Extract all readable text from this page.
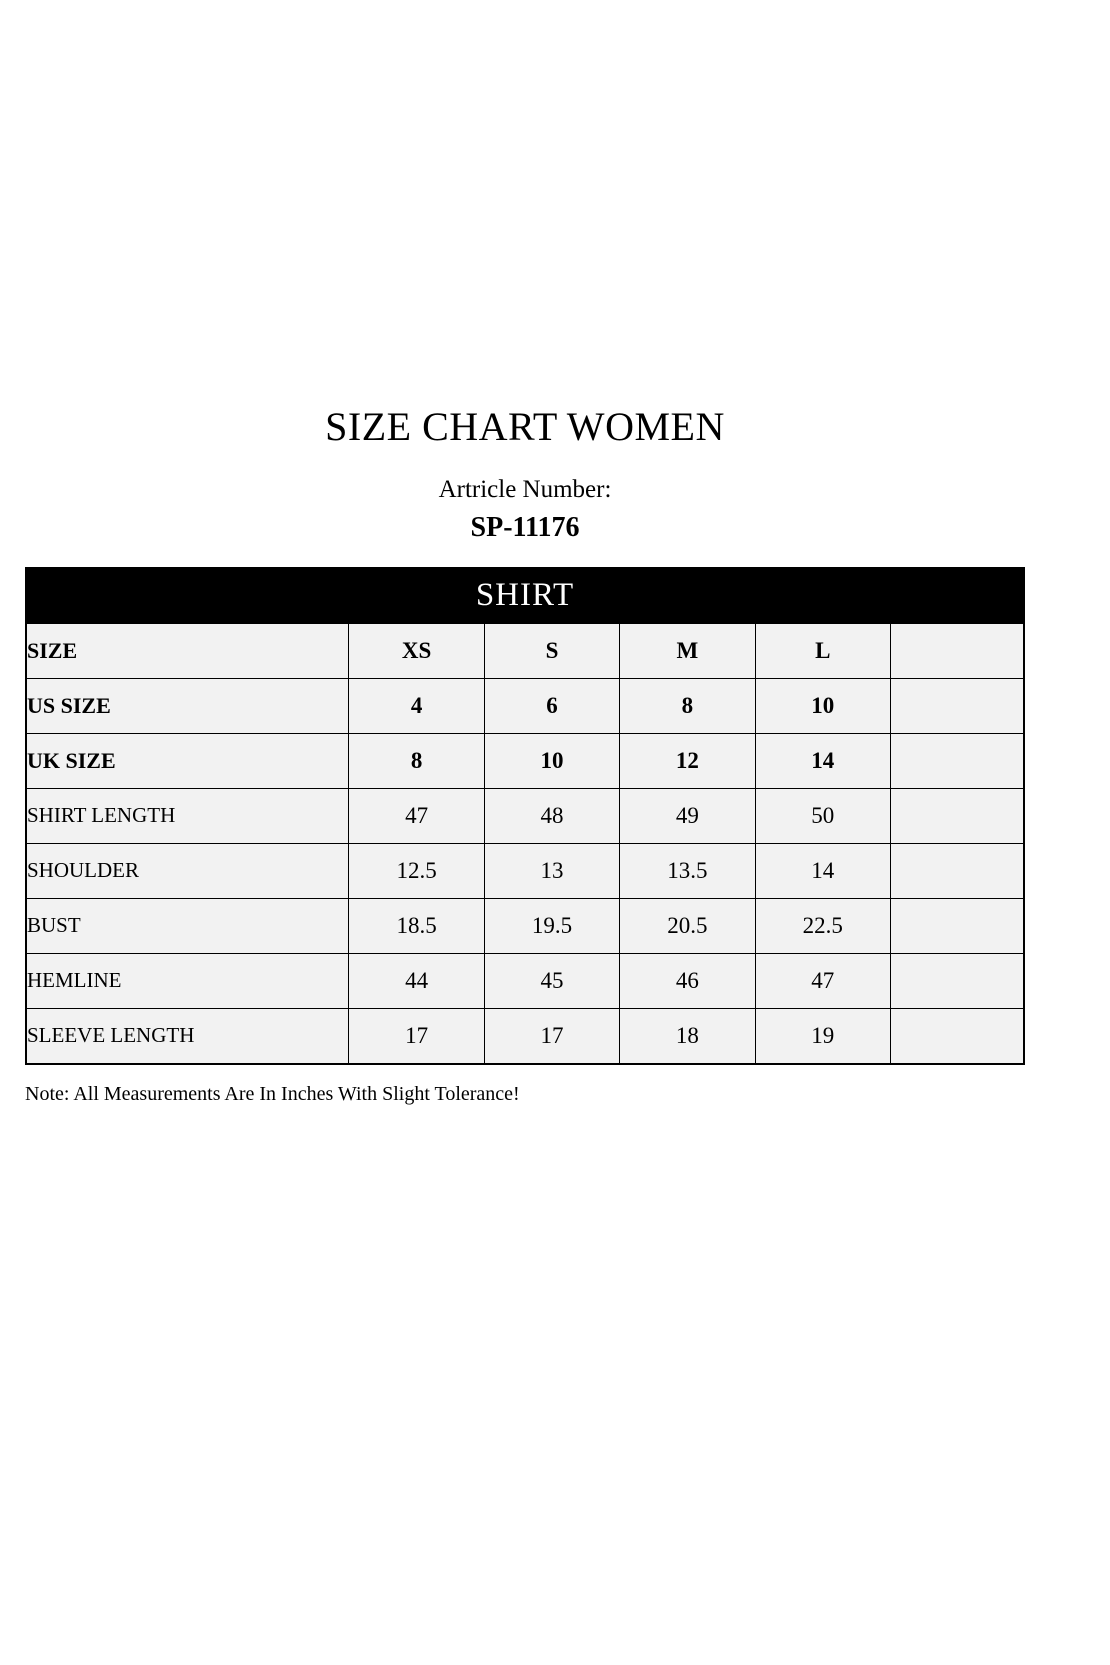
SIZE CHART WOMEN
Artricle Number:
SP-11176
SHIRT					
SIZE	XS	S	M	L	
US SIZE	4	6	8	10	
UK SIZE	8	10	12	14	
SHIRT LENGTH	47	48	49	50	
SHOULDER	12.5	13	13.5	14	
BUST	18.5	19.5	20.5	22.5	
HEMLINE	44	45	46	47	
SLEEVE LENGTH	17	17	18	19	
Note: All Measurements Are In Inches With Slight Tolerance!
